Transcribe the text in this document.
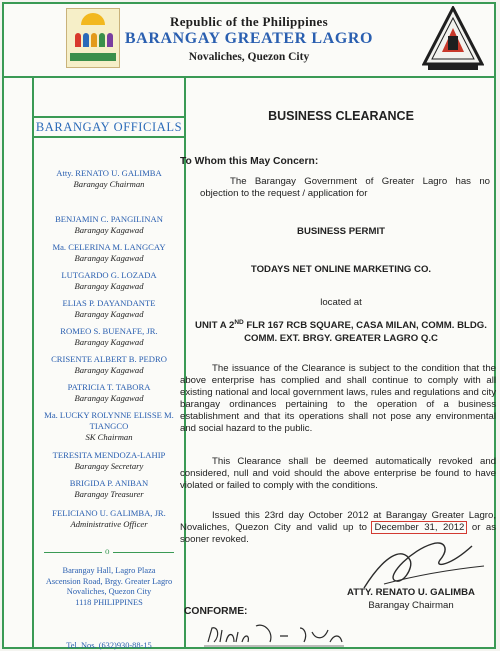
Republic of the Philippines
BARANGAY GREATER LAGRO
Novaliches, Quezon City
BARANGAY OFFICIALS
Atty. RENATO U. GALIMBA
Barangay Chairman
BENJAMIN C. PANGILINAN
Barangay Kagawad
Ma. CELERINA M. LANGCAY
Barangay Kagawad
LUTGARDO G. LOZADA
Barangay Kagawad
ELIAS P. DAYANDANTE
Barangay Kagawad
ROMEO S. BUENAFE, JR.
Barangay Kagawad
CRISENTE ALBERT B. PEDRO
Barangay Kagawad
PATRICIA T. TABORA
Barangay Kagawad
Ma. LUCKY ROLYNNE ELISSE M. TIANGCO
SK Chairman
TERESITA MENDOZA-LAHIP
Barangay Secretary
BRIGIDA P. ANIBAN
Barangay Treasurer
FELICIANO U. GALIMBA, JR.
Administrative Officer
o
Barangay Hall, Lagro Plaza
Ascension Road, Brgy. Greater Lagro
Novaliches, Quezon City
1118 PHILIPPINES
Tel. Nos. (632)930-88-15
BUSINESS CLEARANCE
To Whom this May Concern:
The Barangay Government of Greater Lagro has no objection to the request / application for
BUSINESS PERMIT
TODAYS NET ONLINE MARKETING CO.
located at
UNIT A 2ND FLR 167 RCB SQUARE, CASA MILAN, COMM. BLDG.
COMM. EXT. BRGY. GREATER LAGRO Q.C
The issuance of the Clearance is subject to the condition that the above enterprise has complied and shall continue to comply with all existing national and local government laws, rules and regulations and city barangay ordinances pertaining to the operation of a business establishment and that its operations shall not pose any environmental and social hazard to the public.
This Clearance shall be deemed automatically revoked and considered, null and void should the above enterprise be found to have violated or failed to comply with the conditions.
Issued this 23rd day October 2012 at Barangay Greater Lagro, Novaliches, Quezon City and valid up to December 31, 2012 or as sooner revoked.
ATTY. RENATO U. GALIMBA
Barangay Chairman
CONFORME:
